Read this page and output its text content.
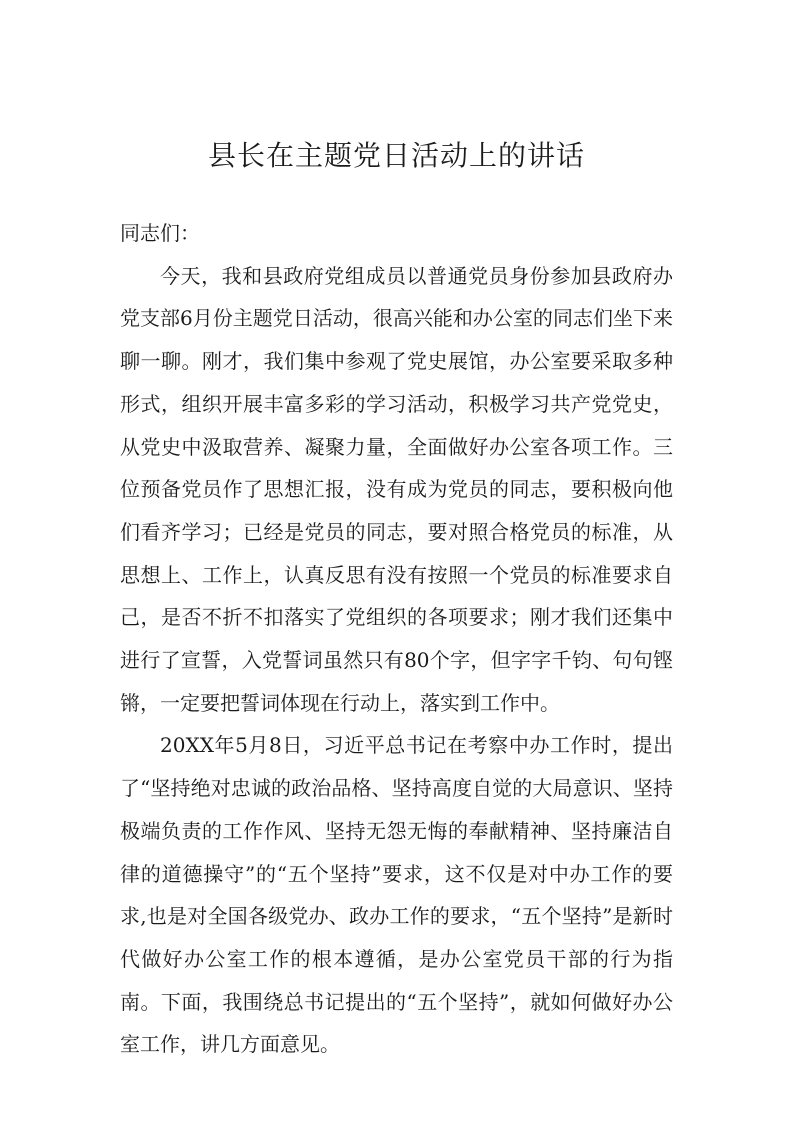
县长在主题党日活动上的讲话

同志们：

今天，我和县政府党组成员以普通党员身份参加县政府办党支部6月份主题党日活动，很高兴能和办公室的同志们坐下来聊一聊。刚才，我们集中参观了党史展馆，办公室要采取多种形式，组织开展丰富多彩的学习活动，积极学习共产党党史，从党史中汲取营养、凝聚力量，全面做好办公室各项工作。三位预备党员作了思想汇报，没有成为党员的同志，要积极向他们看齐学习；已经是党员的同志，要对照合格党员的标准，从思想上、工作上，认真反思有没有按照一个党员的标准要求自己，是否不折不扣落实了党组织的各项要求；刚才我们还集中进行了宣誓，入党誓词虽然只有80个字，但字字千钧、句句铿锵，一定要把誓词体现在行动上，落实到工作中。

20XX年5月8日，习近平总书记在考察中办工作时，提出了“坚持绝对忠诚的政治品格、坚持高度自觉的大局意识、坚持极端负责的工作作风、坚持无怨无悔的奉献精神、坚持廉洁自律的道德操守”的“五个坚持”要求，这不仅是对中办工作的要求,也是对全国各级党办、政办工作的要求，“五个坚持”是新时代做好办公室工作的根本遵循，是办公室党员干部的行为指南。下面，我围绕总书记提出的“五个坚持”，就如何做好办公室工作，讲几方面意见。
